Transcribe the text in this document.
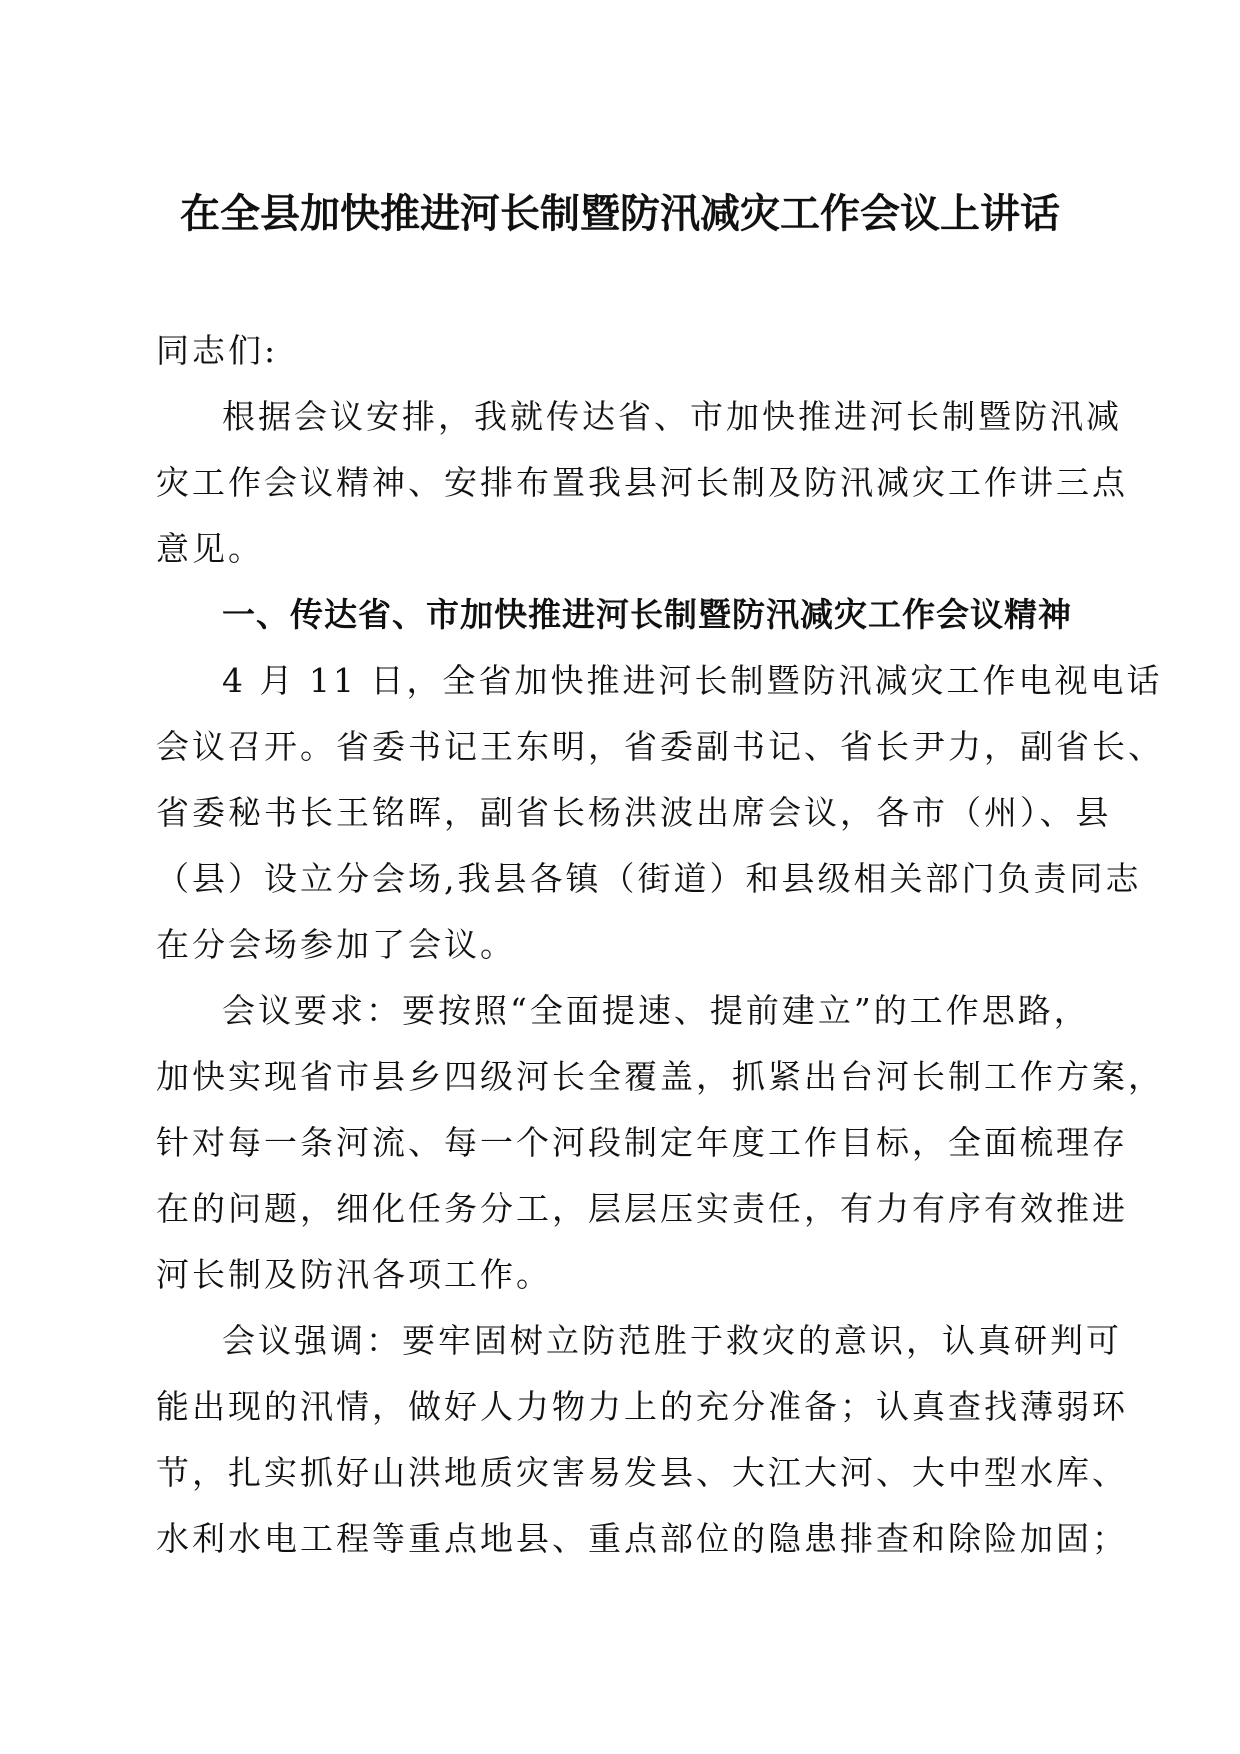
在全县加快推进河长制暨防汛减灾工作会议上讲话
同志们:
根据会议安排，我就传达省、市加快推进河长制暨防汛减
灾工作会议精神、安排布置我县河长制及防汛减灾工作讲三点
意见。
一、传达省、市加快推进河长制暨防汛减灾工作会议精神
4 月 11 日，全省加快推进河长制暨防汛减灾工作电视电话
会议召开。省委书记王东明，省委副书记、省长尹力，副省长、
省委秘书长王铭晖，副省长杨洪波出席会议，各市（州）、县
（县）设立分会场,我县各镇（街道）和县级相关部门负责同志
在分会场参加了会议。
会议要求：要按照“全面提速、提前建立”的工作思路，
加快实现省市县乡四级河长全覆盖，抓紧出台河长制工作方案，
针对每一条河流、每一个河段制定年度工作目标，全面梳理存
在的问题，细化任务分工，层层压实责任，有力有序有效推进
河长制及防汛各项工作。
会议强调：要牢固树立防范胜于救灾的意识，认真研判可
能出现的汛情，做好人力物力上的充分准备；认真查找薄弱环
节，扎实抓好山洪地质灾害易发县、大江大河、大中型水库、
水利水电工程等重点地县、重点部位的隐患排查和除险加固；
